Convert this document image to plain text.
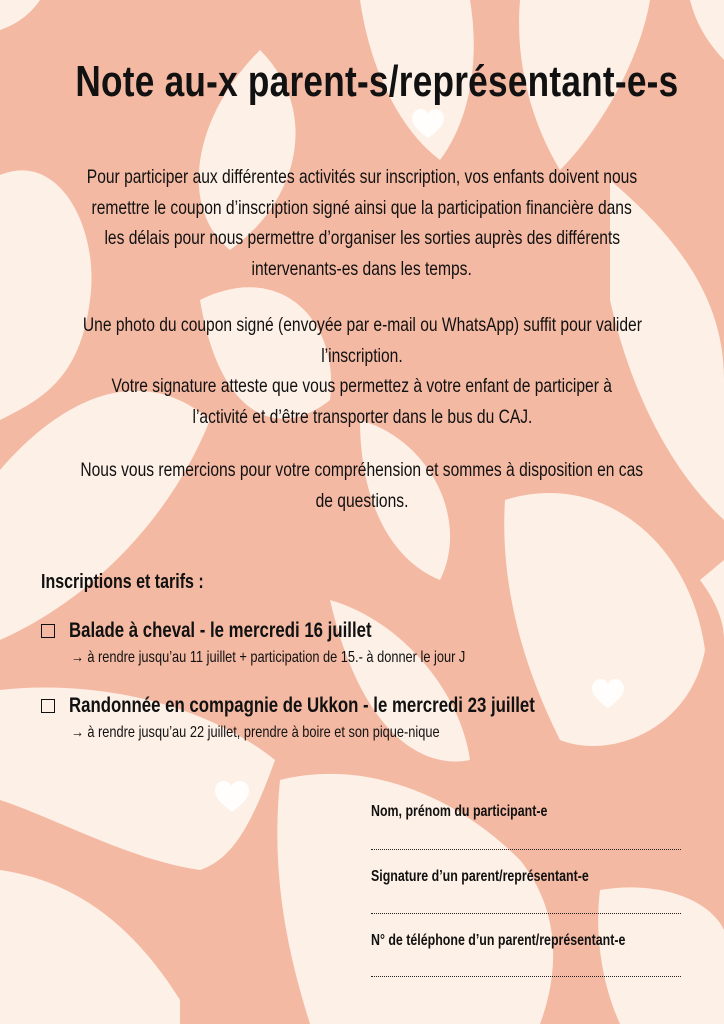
Note au-x parent-s/représentant-e-s
Pour participer aux différentes activités sur inscription, vos enfants doivent nous
remettre le coupon d’inscription signé ainsi que la participation financière dans
les délais pour nous permettre d’organiser les sorties auprès des différents
intervenants-es dans les temps.
Une photo du coupon signé (envoyée par e-mail ou WhatsApp) suffit pour valider
l’inscription.
Votre signature atteste que vous permettez à votre enfant de participer à
l’activité et d’être transporter dans le bus du CAJ.
Nous vous remercions pour votre compréhension et sommes à disposition en cas
de questions.
Inscriptions et tarifs :
Balade à cheval - le mercredi 16 juillet
→ à rendre jusqu’au 11 juillet + participation de 15.- à donner le jour J
Randonnée en compagnie de Ukkon - le mercredi 23 juillet
→ à rendre jusqu’au 22 juillet, prendre à boire et son pique-nique
Nom, prénom du participant-e
Signature d’un parent/représentant-e
N° de téléphone d’un parent/représentant-e
